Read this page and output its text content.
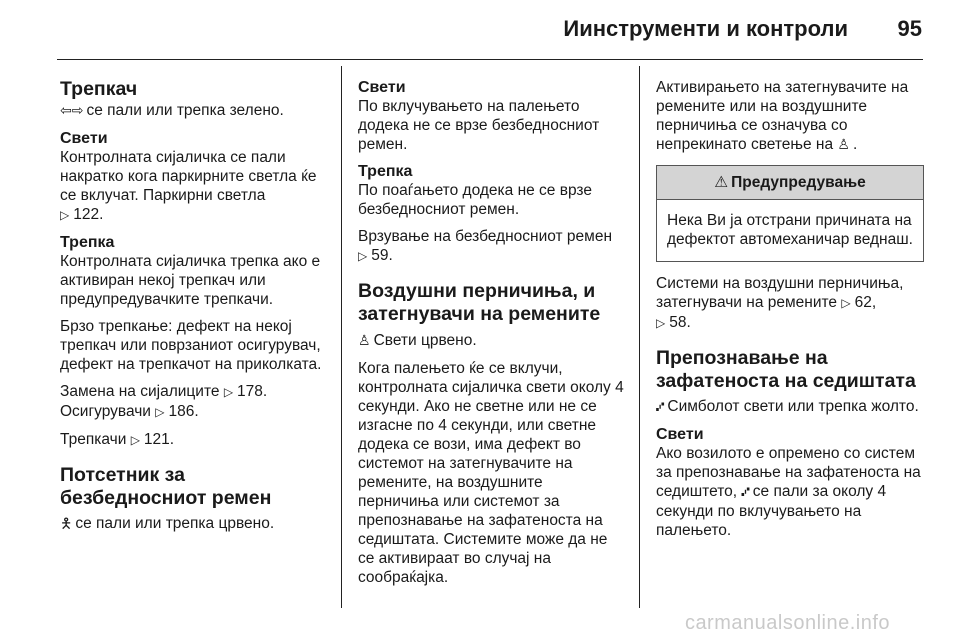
Иинструменти и контроли 95

Трепкач

⇦⇨ се пали или трепка зелено.

Свети

Контролната сијаличка се пали накратко кога паркирните светла ќе се вклучат. Паркирни светла
▷ 122.

Трепка

Контролната сијаличка трепка ако е активиран некој трепкач или предупредувачките трепкачи.

Брзо трепкање: дефект на некој трепкач или поврзаниот осигурувач, дефект на трепкачот на приколката.

Замена на сијалиците ▷ 178.
Осигурувачи ▷ 186.

Трепкачи ▷ 121.

Потсетник за безбедносниот ремен

🯅 се пали или трепка црвено.

Свети

По вклучувањето на палењето додека не се врзе безбедносниот ремен.

Трепка

По поаѓањето додека не се врзе безбедносниот ремен.

Врзување на безбедносниот ремен
▷ 59.

Воздушни перничиња, и затегнувачи на ремените

♙ Свети црвено.

Кога палењето ќе се вклучи, контролната сијаличка свети околу 4 секунди. Ако не светне или не се изгасне по 4 секунди, или светне додека се вози, има дефект во системот на затегнувачите на ремените, на воздушните перничиња или системот за препознавање на зафатеноста на седиштата. Системите може да не се активираат во случај на сообраќајка.

Активирањето на затегнувачите на ремените или на воздушните перничиња се означува со непрекинато светење на ♙ .

⚠ Предупредување
Нека Ви ја отстрани причината на дефектот автомеханичар веднаш.

Системи на воздушни перничиња, затегнувачи на ремените ▷ 62,
▷ 58.

Препознавање на зафатеноста на седиштата

⑇ Симболот свети или трепка жолто.

Свети

Ако возилото е опремено со систем за препознавање на зафатеноста на седиштето, ⑇ се пали за околу 4 секунди по вклучувањето на палењето.

carmanualsonline.info
